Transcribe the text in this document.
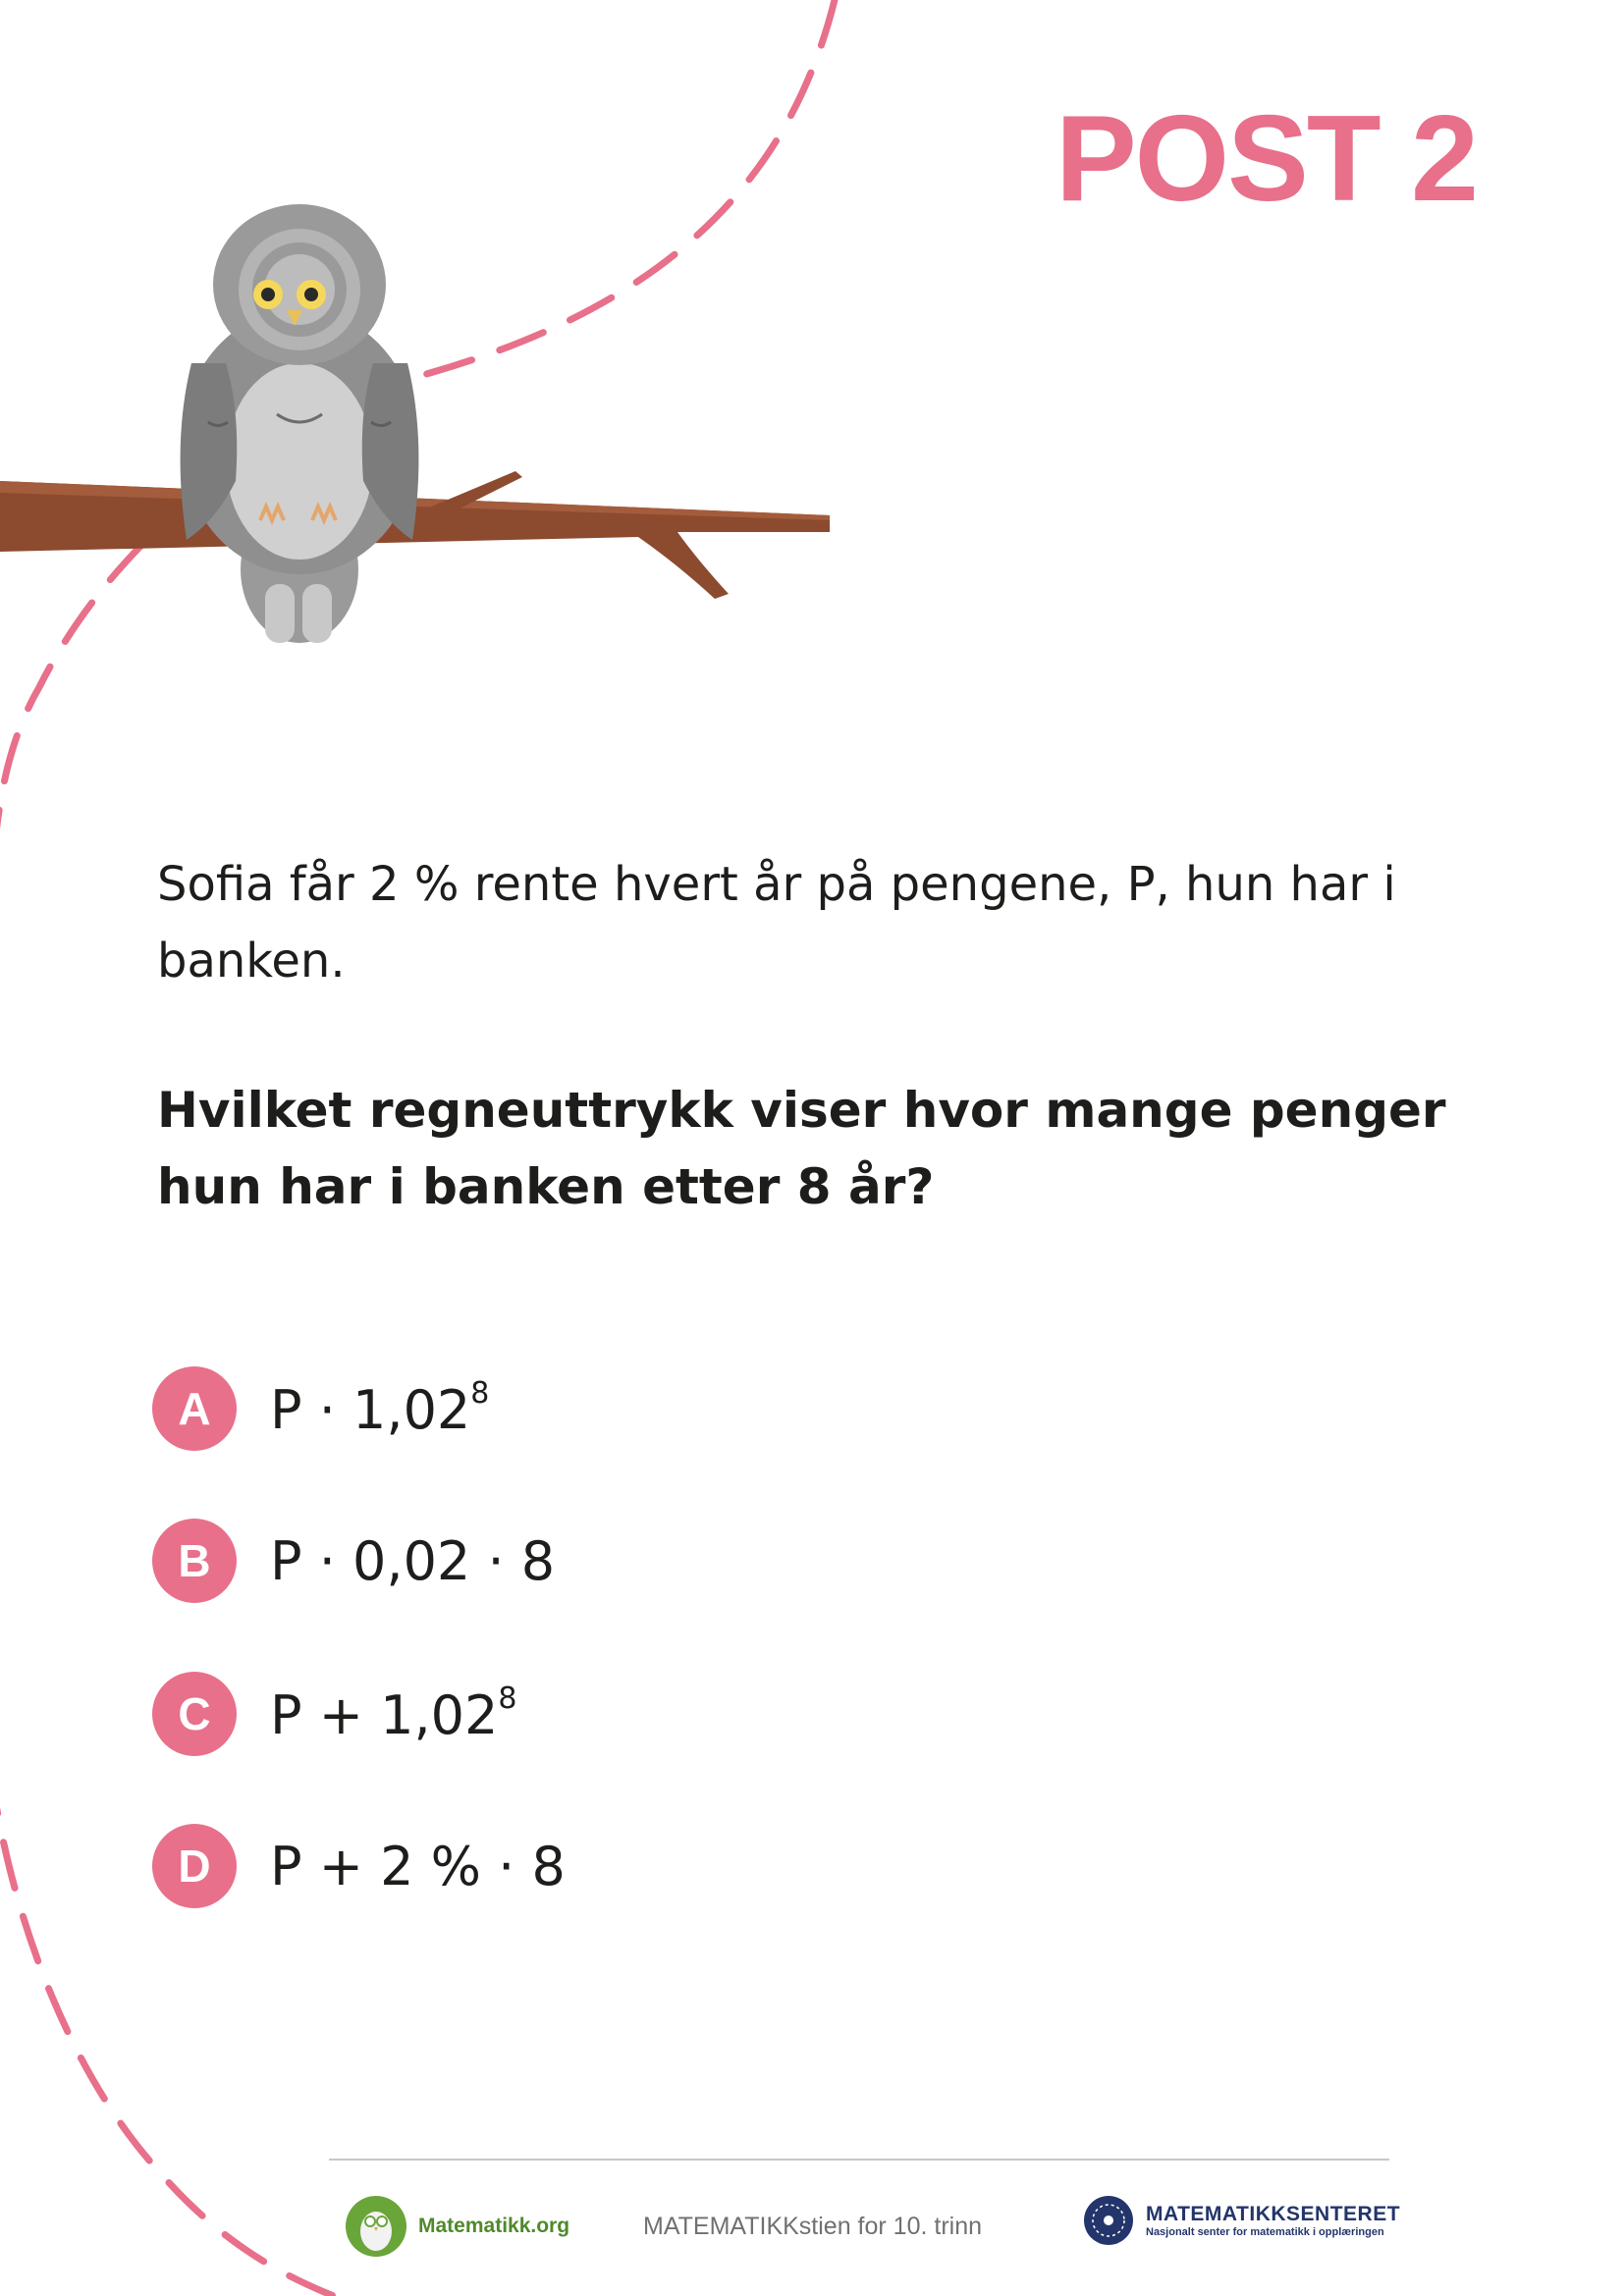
POST 2

Sofia får 2 % rente hvert år på pengene, P, hun har i banken.

Hvilket regneuttrykk viser hvor mange penger hun har i banken etter 8 år?

A	$P \cdot 1,02^8$
B	P · 0,02 · 8
C	$P + 1,02^8$
D	P + 2 % · 8
Matematikk.org	MATEMATIKKstien for 10. trinn	MATEMATIKKSENTERET
Nasjonalt senter for matematikk i opplæringen
